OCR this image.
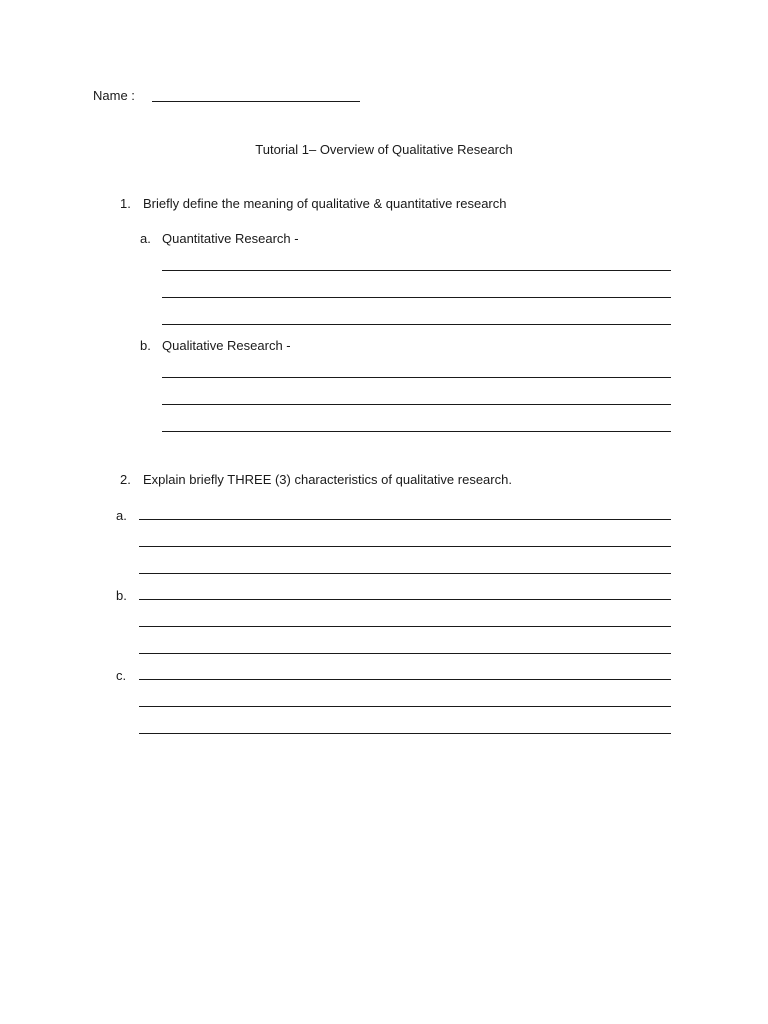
Name :
Tutorial 1– Overview of Qualitative Research
1. Briefly define the meaning of qualitative & quantitative research
a. Quantitative Research -
b. Qualitative Research -
2. Explain briefly THREE (3) characteristics of qualitative research.
a.
b.
c.
